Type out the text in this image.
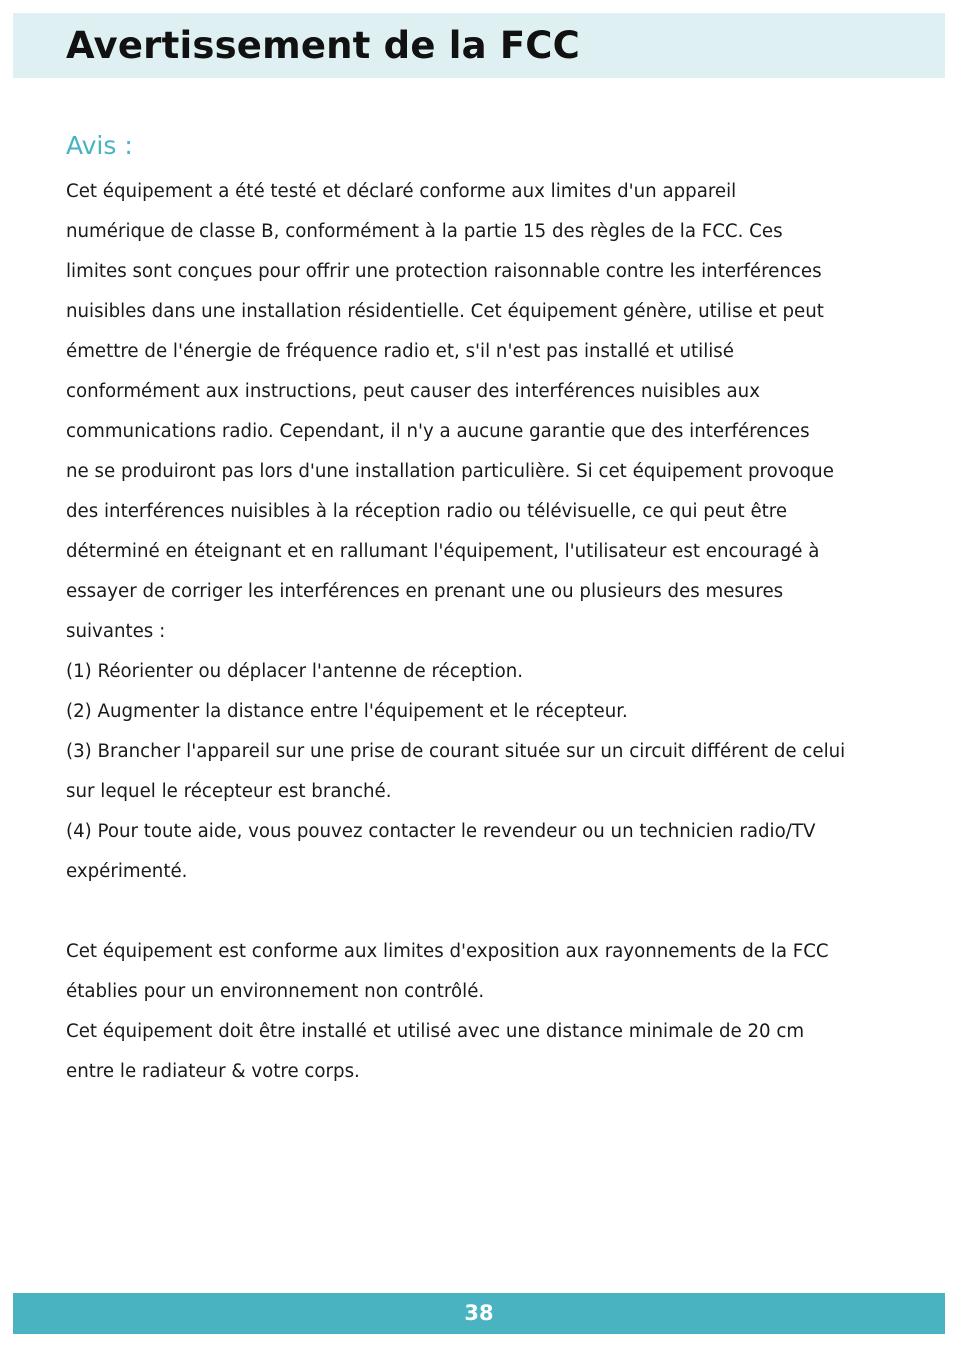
Avertissement de la FCC
Avis :
Cet équipement a été testé et déclaré conforme aux limites d'un appareil
numérique de classe B, conformément à la partie 15 des règles de la FCC. Ces
limites sont conçues pour offrir une protection raisonnable contre les interférences
nuisibles dans une installation résidentielle. Cet équipement génère, utilise et peut
émettre de l'énergie de fréquence radio et, s'il n'est pas installé et utilisé
conformément aux instructions, peut causer des interférences nuisibles aux
communications radio. Cependant, il n'y a aucune garantie que des interférences
ne se produiront pas lors d'une installation particulière. Si cet équipement provoque
des interférences nuisibles à la réception radio ou télévisuelle, ce qui peut être
déterminé en éteignant et en rallumant l'équipement, l'utilisateur est encouragé à
essayer de corriger les interférences en prenant une ou plusieurs des mesures
suivantes :
(1) Réorienter ou déplacer l'antenne de réception.
(2) Augmenter la distance entre l'équipement et le récepteur.
(3) Brancher l'appareil sur une prise de courant située sur un circuit différent de celui
sur lequel le récepteur est branché.
(4) Pour toute aide, vous pouvez contacter le revendeur ou un technicien radio/TV
expérimenté.
Cet équipement est conforme aux limites d'exposition aux rayonnements de la FCC
établies pour un environnement non contrôlé.
Cet équipement doit être installé et utilisé avec une distance minimale de 20 cm
entre le radiateur & votre corps.
38
